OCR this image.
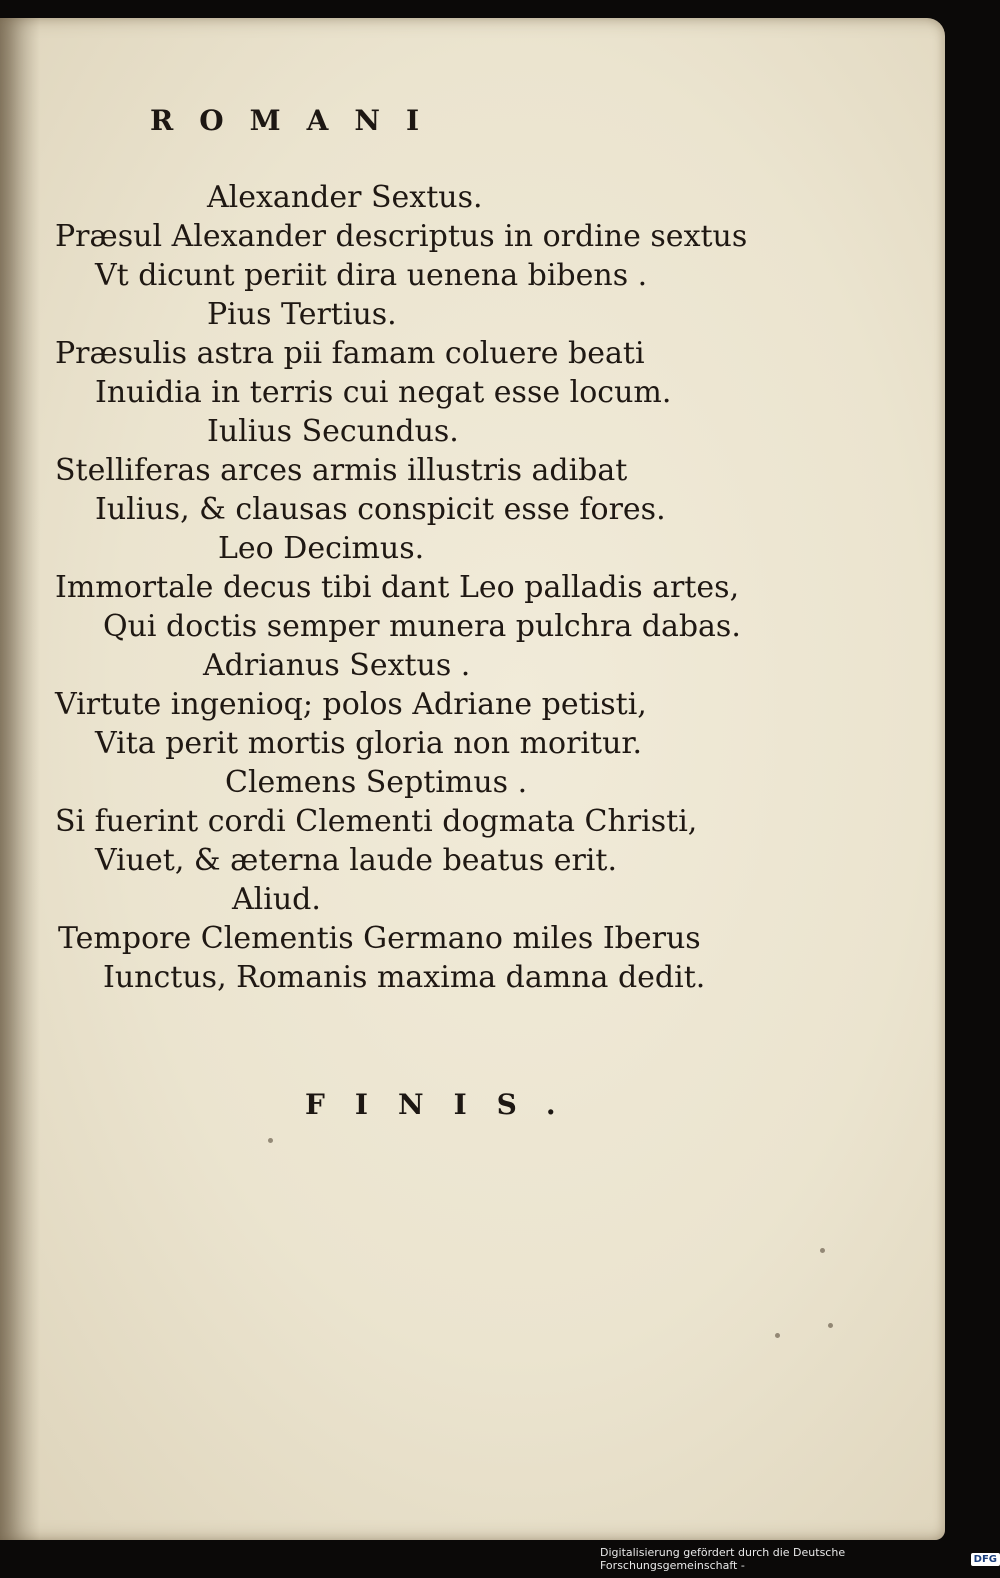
ROMANI
Alexander Sextus.
Præsul Alexander descriptus in ordine sextus
Vt dicunt periit dira uenena bibens .
Pius Tertius.
Præsulis astra pii famam coluere beati
Inuidia in terris cui negat esse locum.
Iulius Secundus.
Stelliferas arces armis illustris adibat
Iulius, & clausas conspicit esse fores.
Leo Decimus.
Immortale decus tibi dant Leo palladis artes,
Qui doctis semper munera pulchra dabas.
Adrianus Sextus .
Virtute ingenioq; polos Adriane petisti,
Vita perit mortis gloria non moritur.
Clemens Septimus .
Si fuerint cordi Clementi dogmata Christi,
Viuet, & æterna laude beatus erit.
Aliud.
Tempore Clementis Germano miles Iberus
Iunctus, Romanis maxima damna dedit.
FINIS.
Digitalisierung gefördert durch die Deutsche Forschungsgemeinschaft -	DFG
